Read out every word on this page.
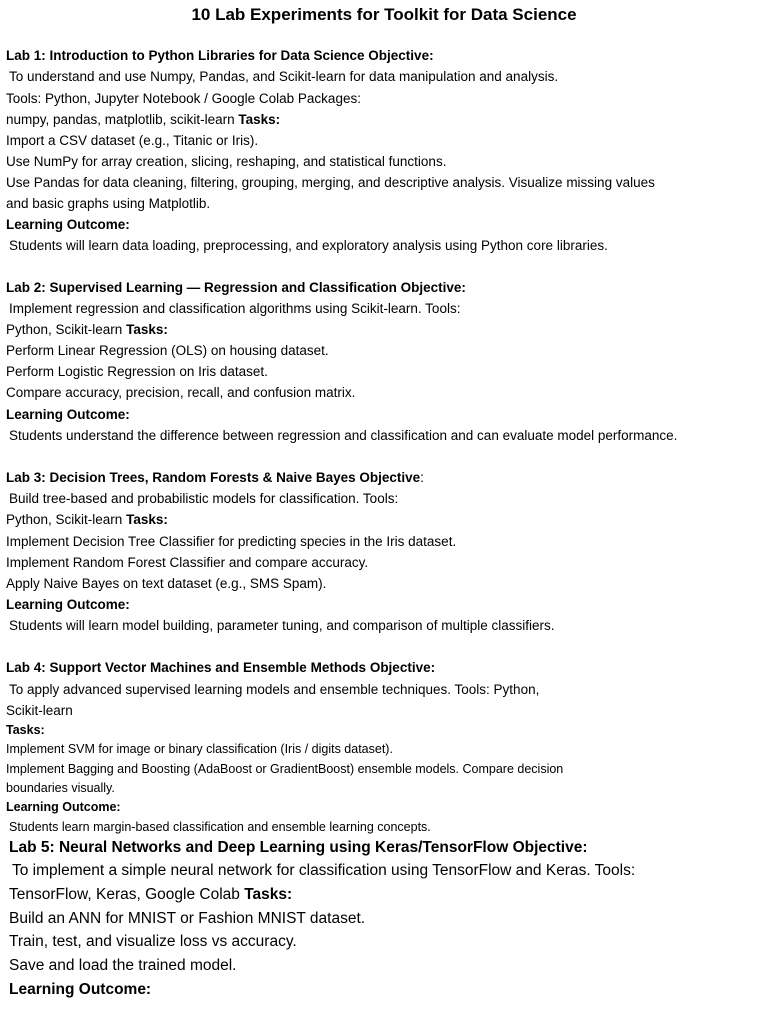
10 Lab Experiments for Toolkit for Data Science
Lab 1: Introduction to Python Libraries for Data Science Objective:
To understand and use Numpy, Pandas, and Scikit-learn for data manipulation and analysis.
Tools: Python, Jupyter Notebook / Google Colab Packages:
numpy, pandas, matplotlib, scikit-learn Tasks:
Import a CSV dataset (e.g., Titanic or Iris).
Use NumPy for array creation, slicing, reshaping, and statistical functions.
Use Pandas for data cleaning, filtering, grouping, merging, and descriptive analysis. Visualize missing values
and basic graphs using Matplotlib.
Learning Outcome:
Students will learn data loading, preprocessing, and exploratory analysis using Python core libraries.
Lab 2: Supervised Learning — Regression and Classification Objective:
Implement regression and classification algorithms using Scikit-learn. Tools:
Python, Scikit-learn Tasks:
Perform Linear Regression (OLS) on housing dataset.
Perform Logistic Regression on Iris dataset.
Compare accuracy, precision, recall, and confusion matrix.
Learning Outcome:
Students understand the difference between regression and classification and can evaluate model performance.
Lab 3: Decision Trees, Random Forests & Naive Bayes Objective:
Build tree-based and probabilistic models for classification. Tools:
Python, Scikit-learn Tasks:
Implement Decision Tree Classifier for predicting species in the Iris dataset.
Implement Random Forest Classifier and compare accuracy.
Apply Naive Bayes on text dataset (e.g., SMS Spam).
Learning Outcome:
Students will learn model building, parameter tuning, and comparison of multiple classifiers.
Lab 4: Support Vector Machines and Ensemble Methods Objective:
To apply advanced supervised learning models and ensemble techniques. Tools: Python,
Scikit-learn
Tasks:
Implement SVM for image or binary classification (Iris / digits dataset).
Implement Bagging and Boosting (AdaBoost or GradientBoost) ensemble models. Compare decision
boundaries visually.
Learning Outcome:
Students learn margin-based classification and ensemble learning concepts.
Lab 5: Neural Networks and Deep Learning using Keras/TensorFlow Objective:
To implement a simple neural network for classification using TensorFlow and Keras. Tools:
TensorFlow, Keras, Google Colab Tasks:
Build an ANN for MNIST or Fashion MNIST dataset.
Train, test, and visualize loss vs accuracy.
Save and load the trained model.
Learning Outcome:
